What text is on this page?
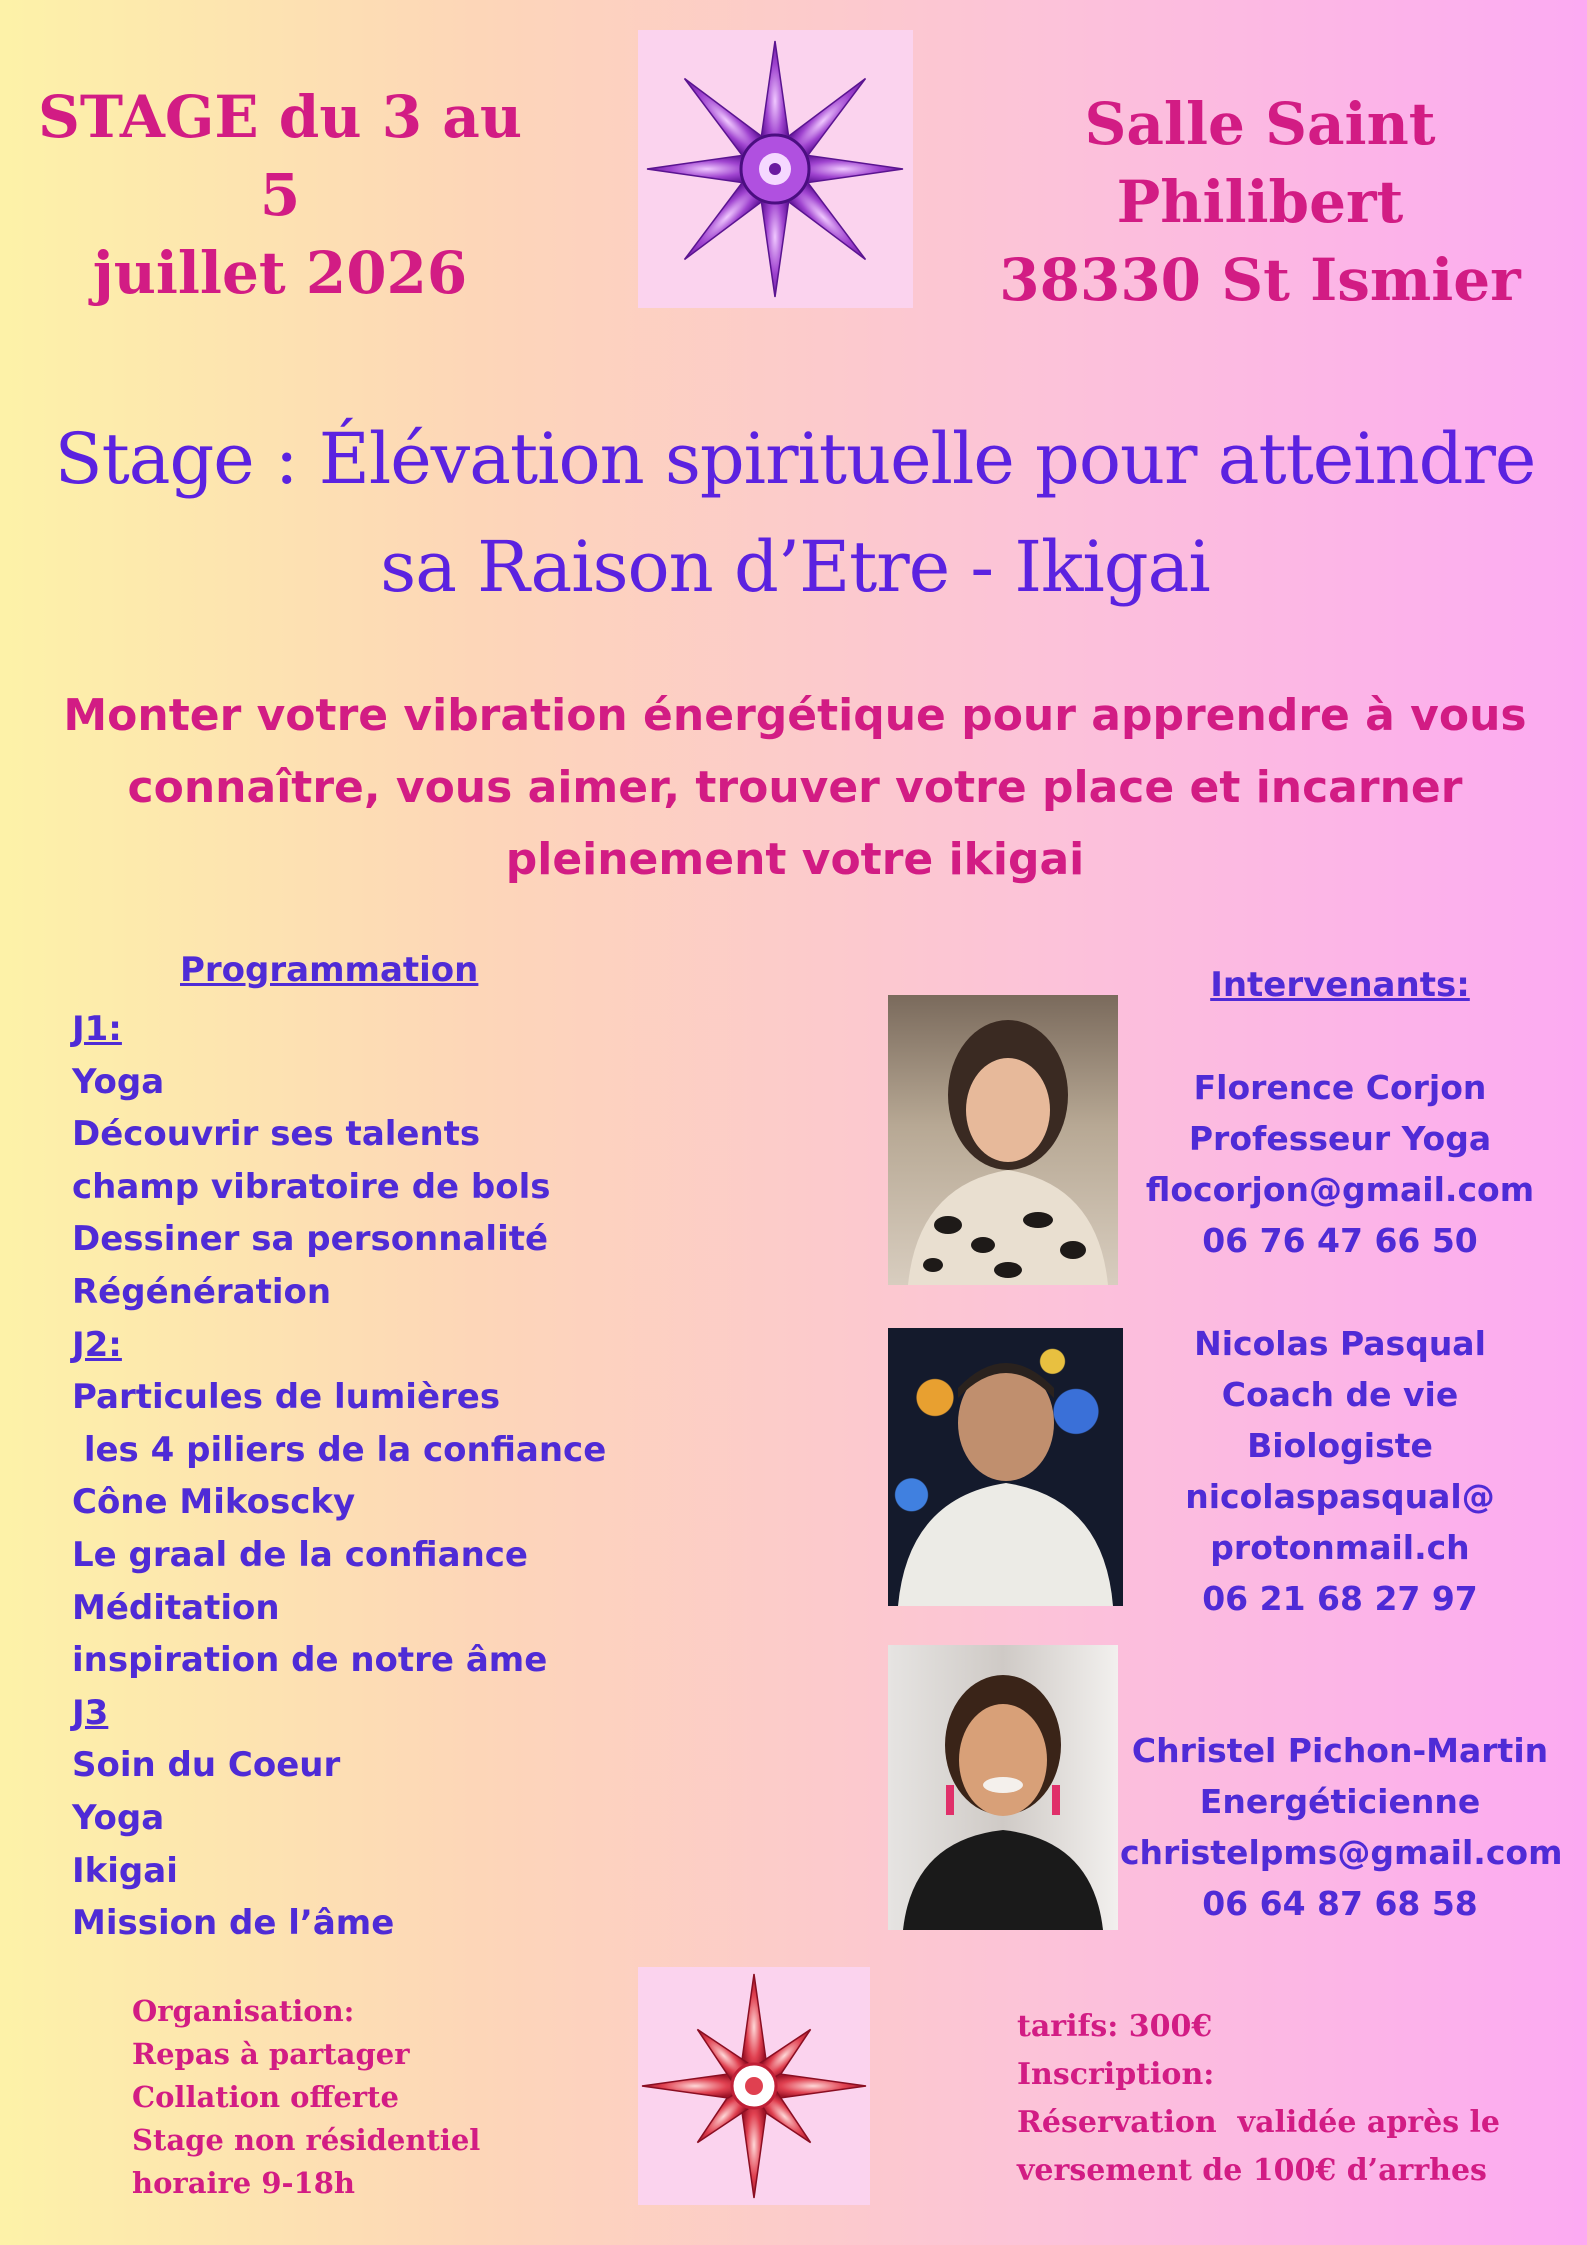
STAGE du 3 au 5
juillet 2026
Salle Saint Philibert
38330 St Ismier
Stage : Élévation spirituelle pour atteindre
sa Raison d’Etre - Ikigai
Monter votre vibration énergétique pour apprendre à vous
connaître, vous aimer, trouver votre place et incarner
pleinement votre ikigai
Programmation
J1:
Yoga
Découvrir ses talents
champ vibratoire de bols
Dessiner sa personnalité
Régénération
J2:
Particules de lumières
les 4 piliers de la confiance
Cône Mikoscky
Le graal de la confiance
Méditation
inspiration de notre âme
J3
Soin du Coeur
Yoga
Ikigai
Mission de l’âme
Intervenants:
Florence Corjon
Professeur Yoga
flocorjon@gmail.com
06 76 47 66 50
Nicolas Pasqual
Coach de vie
Biologiste
nicolaspasqual@
protonmail.ch
06 21 68 27 97
Christel Pichon-Martin
Energéticienne
christelpms@gmail.com
06 64 87 68 58
Organisation:
Repas à partager
Collation offerte
Stage non résidentiel
horaire 9-18h
tarifs: 300€
Inscription:
Réservation  validée après le
versement de 100€ d’arrhes
